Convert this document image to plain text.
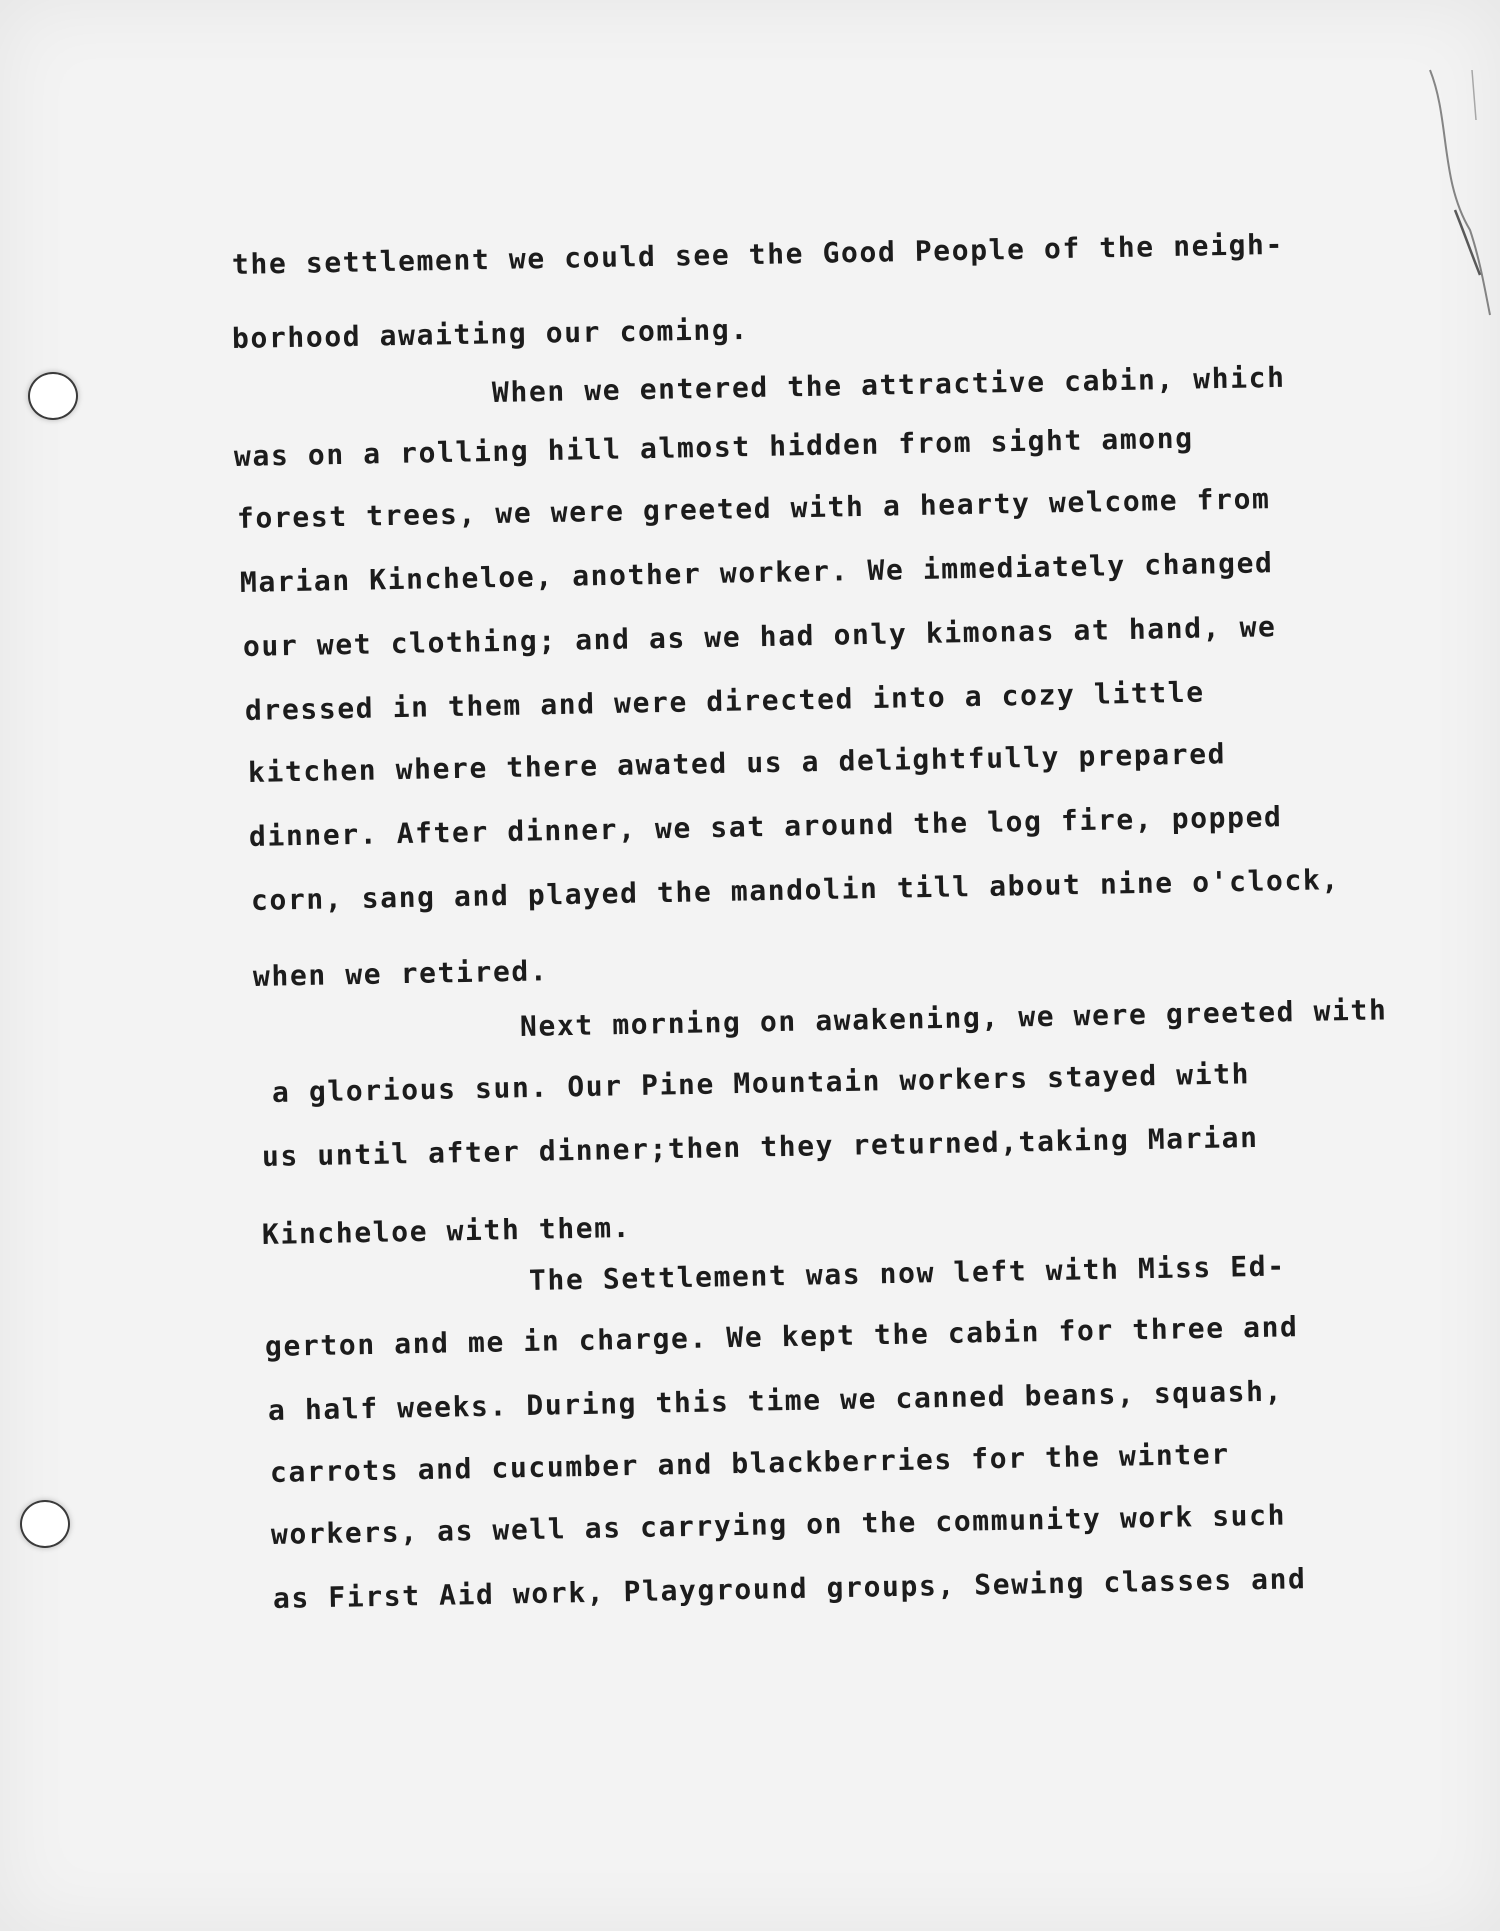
the settlement we could see the Good People of the neigh-
borhood awaiting our coming.
When we entered the attractive cabin, which
was on a rolling hill almost hidden from sight among
forest trees, we were greeted with a hearty welcome from
Marian Kincheloe, another worker. We immediately changed
our wet clothing; and as we had only kimonas at hand, we
dressed in them and were directed into a cozy little
kitchen where there awated us a delightfully prepared
dinner. After dinner, we sat around the log fire, popped
corn, sang and played the mandolin till about nine o'clock,
when we retired.
Next morning on awakening, we were greeted with
a glorious sun. Our Pine Mountain workers stayed with
us until after dinner;then they returned,taking Marian
Kincheloe with them.
The Settlement was now left with Miss Ed-
gerton and me in charge. We kept the cabin for three and
a half weeks. During this time we canned beans, squash,
carrots and cucumber and blackberries for the winter
workers, as well as carrying on the community work such
as First Aid work, Playground groups, Sewing classes and
